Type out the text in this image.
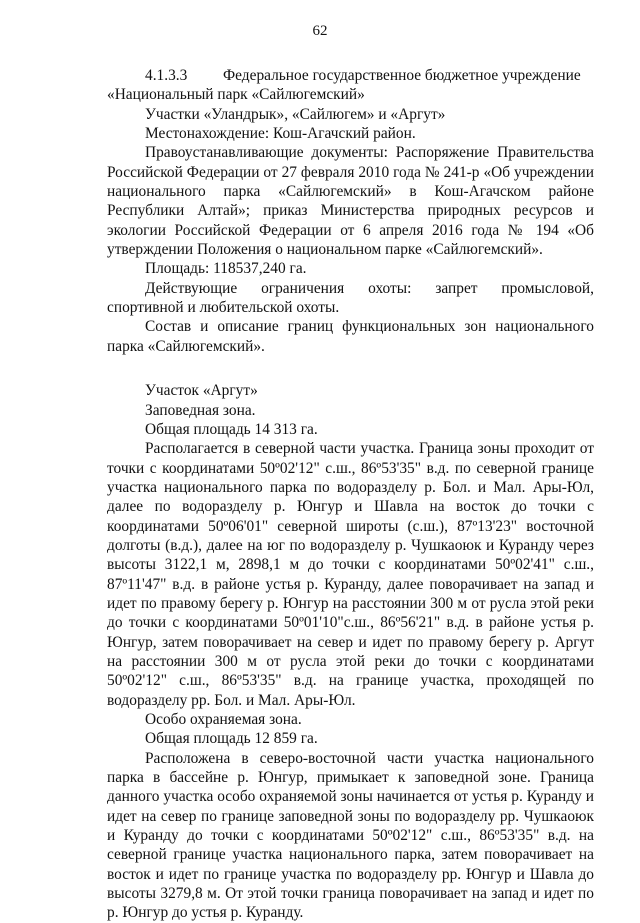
62
4.1.3.3 Федеральное государственное бюджетное учреждение

«Национальный парк «Сайлюгемский»

Участки «Уландрык», «Сайлюгем» и «Аргут»

Местонахождение: Кош-Агачский район.

Правоустанавливающие документы: Распоряжение Правительства Российской Федерации от 27 февраля 2010 года № 241-р «Об учреждении национального парка «Сайлюгемский» в Кош-Агачском районе Республики Алтай»; приказ Министерства природных ресурсов и экологии Российской Федерации от 6 апреля 2016 года № 194 «Об утверждении Положения о национальном парке «Сайлюгемский».

Площадь: 118537,240 га.

Действующие ограничения охоты: запрет промысловой, спортивной и любительской охоты.

Состав и описание границ функциональных зон национального парка «Сайлюгемский».

Участок «Аргут»

Заповедная зона.

Общая площадь 14 313 га.

Располагается в северной части участка. Граница зоны проходит от точки с координатами 50º02'12" с.ш., 86º53'35" в.д. по северной границе участка национального парка по водоразделу р. Бол. и Мал. Ары-Юл, далее по водоразделу р. Юнгур и Шавла на восток до точки с координатами 50º06'01" северной широты (с.ш.), 87º13'23" восточной долготы (в.д.), далее на юг по водоразделу р. Чушкаоюк и Куранду через высоты 3122,1 м, 2898,1 м до точки с координатами 50º02'41" с.ш., 87º11'47" в.д. в районе устья р. Куранду, далее поворачивает на запад и идет по правому берегу р. Юнгур на расстоянии 300 м от русла этой реки до точки с координатами 50º01'10"с.ш., 86º56'21" в.д. в районе устья р. Юнгур, затем поворачивает на север и идет по правому берегу р. Аргут на расстоянии 300 м от русла этой реки до точки с координатами 50º02'12" с.ш., 86º53'35" в.д. на границе участка, проходящей по водоразделу рр. Бол. и Мал. Ары-Юл.

Особо охраняемая зона.

Общая площадь 12 859 га.

Расположена в северо-восточной части участка национального парка в бассейне р. Юнгур, примыкает к заповедной зоне. Граница данного участка особо охраняемой зоны начинается от устья р. Куранду и идет на север по границе заповедной зоны по водоразделу рр. Чушкаоюк и Куранду до точки с координатами 50º02'12" с.ш., 86º53'35" в.д. на северной границе участка национального парка, затем поворачивает на восток и идет по границе участка по водоразделу рр. Юнгур и Шавла до высоты 3279,8 м. От этой точки граница поворачивает на запад и идет по р. Юнгур до устья р. Куранду.
